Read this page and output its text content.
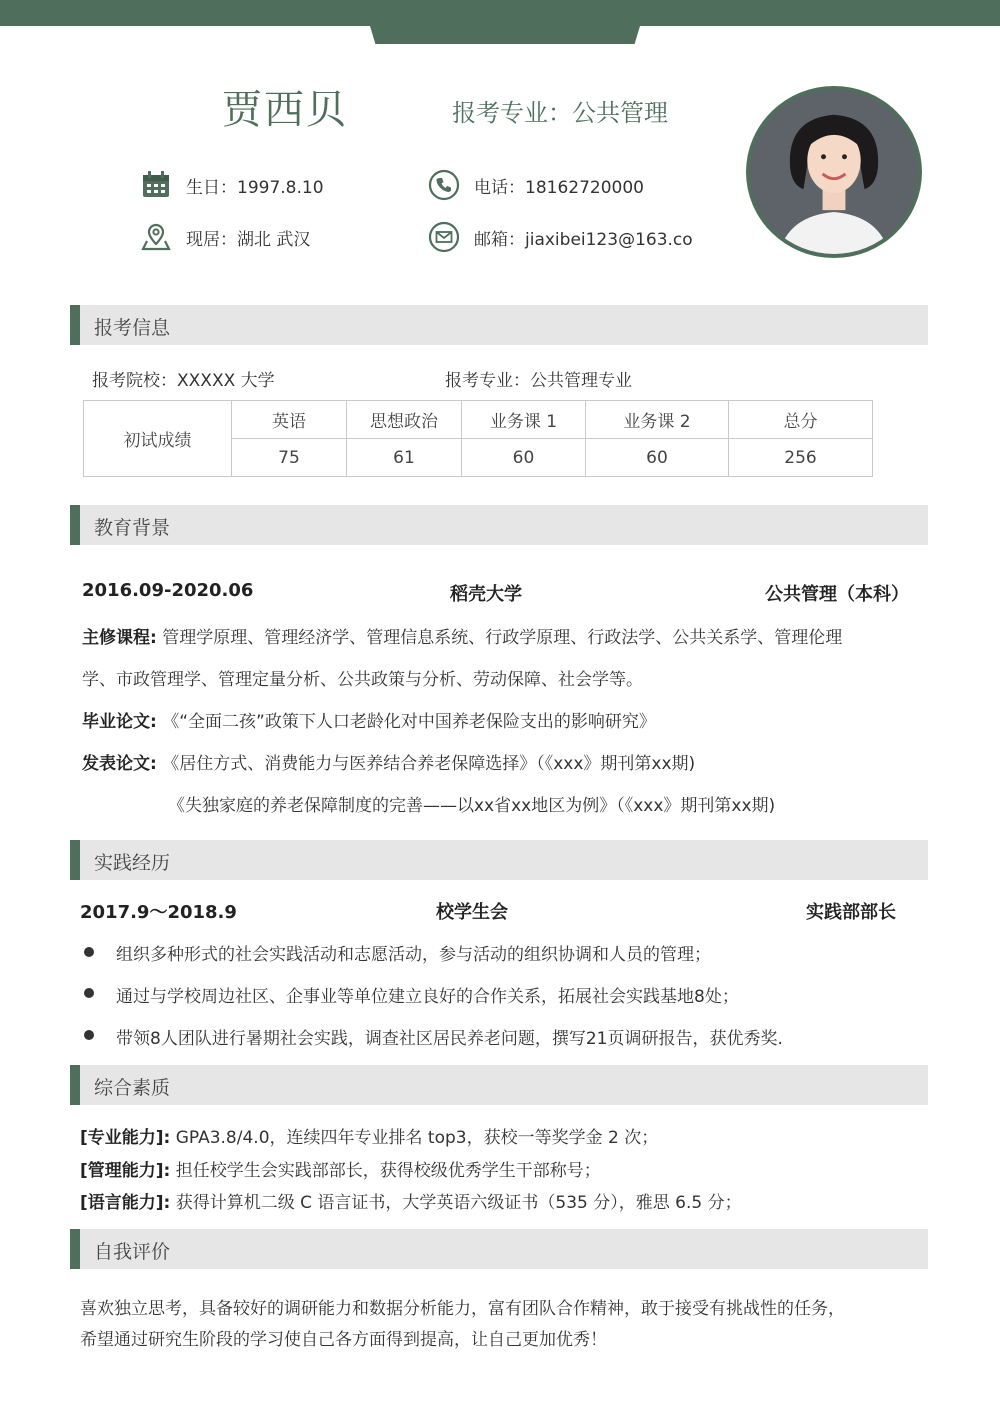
贾西贝	报考专业：公共管理
生日：1997.8.10	电话：18162720000
现居：湖北 武汉	邮箱：jiaxibei123@163.co
报考信息
报考院校：XXXXX 大学	报考专业：公共管理专业
初试成绩	英语	思想政治	业务课 1	业务课 2	总分
	75	61	60	60	256
教育背景
2016.09-2020.06	稻壳大学	公共管理（本科）
主修课程: 管理学原理、管理经济学、管理信息系统、行政学原理、行政法学、公共关系学、管理伦理
学、市政管理学、管理定量分析、公共政策与分析、劳动保障、社会学等。
毕业论文: 《“全面二孩”政策下人口老龄化对中国养老保险支出的影响研究》
发表论文: 《居住方式、消费能力与医养结合养老保障选择》（《xxx》期刊第xx期)
《失独家庭的养老保障制度的完善——以xx省xx地区为例》（《xxx》期刊第xx期)
实践经历
2017.9～2018.9	校学生会	实践部部长
组织多种形式的社会实践活动和志愿活动，参与活动的组织协调和人员的管理；
通过与学校周边社区、企事业等单位建立良好的合作关系，拓展社会实践基地8处；
带领8人团队进行暑期社会实践，调查社区居民养老问题，撰写21页调研报告，获优秀奖.
综合素质
[专业能力]: GPA3.8/4.0，连续四年专业排名 top3，获校一等奖学金 2 次；
[管理能力]: 担任校学生会实践部部长，获得校级优秀学生干部称号；
[语言能力]: 获得计算机二级 C 语言证书，大学英语六级证书（535 分），雅思 6.5 分；
自我评价
喜欢独立思考，具备较好的调研能力和数据分析能力，富有团队合作精神，敢于接受有挑战性的任务，
希望通过研究生阶段的学习使自己各方面得到提高，让自己更加优秀！
